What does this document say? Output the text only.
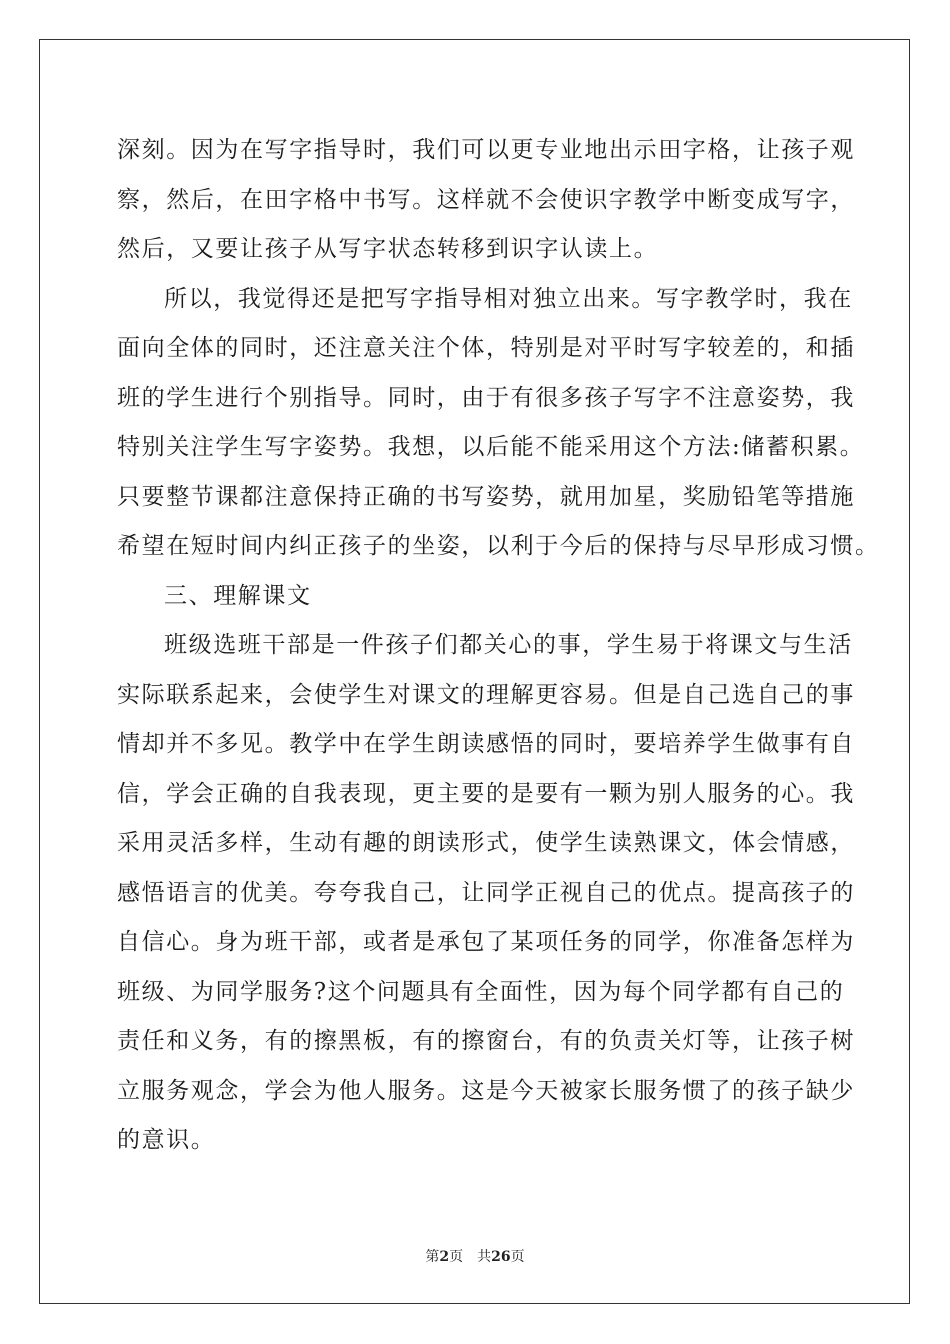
深刻。因为在写字指导时，我们可以更专业地出示田字格，让孩子观
察，然后，在田字格中书写。这样就不会使识字教学中断变成写字，
然后，又要让孩子从写字状态转移到识字认读上。
所以，我觉得还是把写字指导相对独立出来。写字教学时，我在
面向全体的同时，还注意关注个体，特别是对平时写字较差的，和插
班的学生进行个别指导。同时，由于有很多孩子写字不注意姿势，我
特别关注学生写字姿势。我想，以后能不能采用这个方法:储蓄积累。
只要整节课都注意保持正确的书写姿势，就用加星，奖励铅笔等措施
希望在短时间内纠正孩子的坐姿，以利于今后的保持与尽早形成习惯。
三、理解课文
班级选班干部是一件孩子们都关心的事，学生易于将课文与生活
实际联系起来，会使学生对课文的理解更容易。但是自己选自己的事
情却并不多见。教学中在学生朗读感悟的同时，要培养学生做事有自
信，学会正确的自我表现，更主要的是要有一颗为别人服务的心。我
采用灵活多样，生动有趣的朗读形式，使学生读熟课文，体会情感，
感悟语言的优美。夸夸我自己，让同学正视自己的优点。提高孩子的
自信心。身为班干部，或者是承包了某项任务的同学，你准备怎样为
班级、为同学服务?这个问题具有全面性，因为每个同学都有自己的
责任和义务，有的擦黑板，有的擦窗台，有的负责关灯等，让孩子树
立服务观念，学会为他人服务。这是今天被家长服务惯了的孩子缺少
的意识。
第2页 共26页
